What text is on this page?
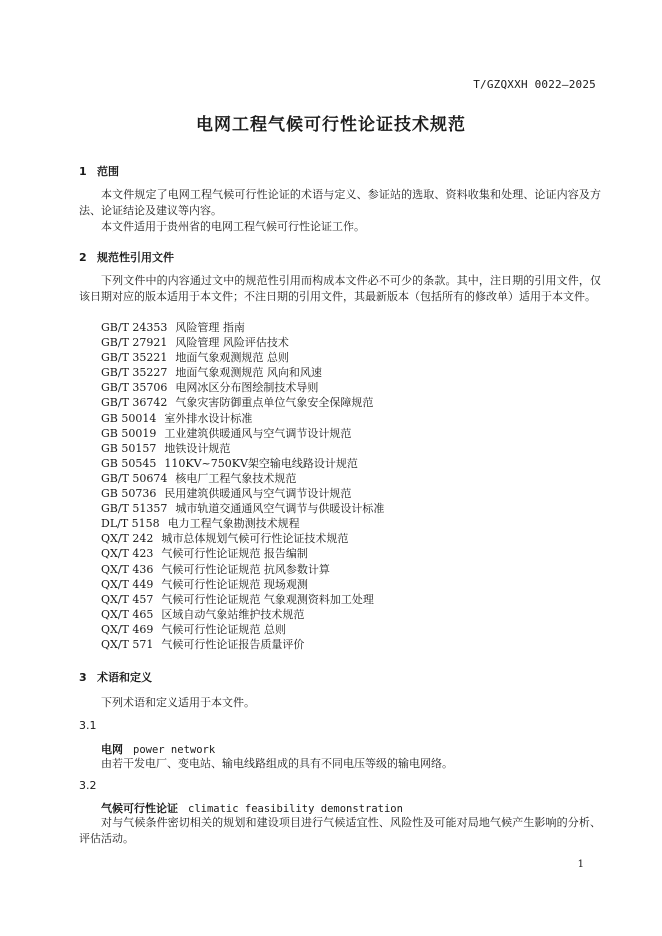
T/GZQXXH 0022—2025
电网工程气候可行性论证技术规范
1 范围
本文件规定了电网工程气候可行性论证的术语与定义、参证站的选取、资料收集和处理、论证内容及方法、论证结论及建议等内容。
本文件适用于贵州省的电网工程气候可行性论证工作。
2 规范性引用文件
下列文件中的内容通过文中的规范性引用而构成本文件必不可少的条款。其中，注日期的引用文件，仅该日期对应的版本适用于本文件；不注日期的引用文件，其最新版本（包括所有的修改单）适用于本文件。
GB/T 24353 风险管理 指南
GB/T 27921 风险管理 风险评估技术
GB/T 35221 地面气象观测规范 总则
GB/T 35227 地面气象观测规范 风向和风速
GB/T 35706 电网冰区分布图绘制技术导则
GB/T 36742 气象灾害防御重点单位气象安全保障规范
GB 50014 室外排水设计标准
GB 50019 工业建筑供暖通风与空气调节设计规范
GB 50157 地铁设计规范
GB 50545 110KV~750KV架空输电线路设计规范
GB/T 50674 核电厂工程气象技术规范
GB 50736 民用建筑供暖通风与空气调节设计规范
GB/T 51357 城市轨道交通通风空气调节与供暖设计标准
DL/T 5158 电力工程气象勘测技术规程
QX/T 242 城市总体规划气候可行性论证技术规范
QX/T 423 气候可行性论证规范 报告编制
QX/T 436 气候可行性论证规范 抗风参数计算
QX/T 449 气候可行性论证规范 现场观测
QX/T 457 气候可行性论证规范 气象观测资料加工处理
QX/T 465 区域自动气象站维护技术规范
QX/T 469 气候可行性论证规范 总则
QX/T 571 气候可行性论证报告质量评价
3 术语和定义
下列术语和定义适用于本文件。
3.1
电网 power network
由若干发电厂、变电站、输电线路组成的具有不同电压等级的输电网络。
3.2
气候可行性论证 climatic feasibility demonstration
对与气候条件密切相关的规划和建设项目进行气候适宜性、风险性及可能对局地气候产生影响的分析、评估活动。
1
